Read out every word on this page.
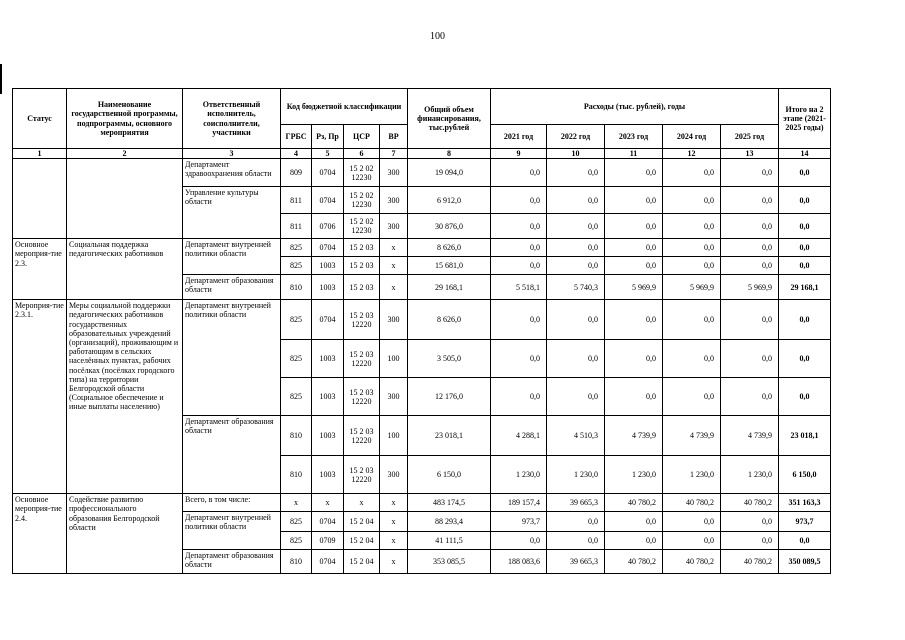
100
Статус	Наименование государственной программы, подпрограммы, основного мероприятия	Ответственный исполнитель, соисполнители, участники	Код бюджетной классификации				Общий объем финансирования, тыс.рублей	Расходы (тыс. рублей), годы					Итого на 2 этапе (2021-2025 годы)
			ГРБС	Рз, Пр	ЦСР	ВР		2021 год	2022 год	2023 год	2024 год	2025 год	
1	2	3	4	5	6	7	8	9	10	11	12	13	14
		Департамент здравоохранения области	809	0704	15 2 02 12230	300	19 094,0	0,0	0,0	0,0	0,0	0,0	0,0
		Управление культуры области	811	0704	15 2 02 12230	300	6 912,0	0,0	0,0	0,0	0,0	0,0	0,0
			811	0706	15 2 02 12230	300	30 876,0	0,0	0,0	0,0	0,0	0,0	0,0
Основное мероприя-тие 2.3.	Социальная поддержка педагогических работников	Департамент внутренней политики области	825	0704	15 2 03	х	8 626,0	0,0	0,0	0,0	0,0	0,0	0,0
			825	1003	15 2 03	х	15 681,0	0,0	0,0	0,0	0,0	0,0	0,0
		Департамент образования области	810	1003	15 2 03	х	29 168,1	5 518,1	5 740,3	5 969,9	5 969,9	5 969,9	29 168,1
Мероприя-тие 2.3.1.	Меры социальной поддержки педагогических работников государственных образовательных учреждений (организаций), проживающим и работающим в сельских населённых пунктах, рабочих посёлках (посёлках городского типа) на территории Белгородской области (Социальное обеспечение и иные выплаты населению)	Департамент внутренней политики области	825	0704	15 2 03 12220	300	8 626,0	0,0	0,0	0,0	0,0	0,0	0,0
			825	1003	15 2 03 12220	100	3 505,0	0,0	0,0	0,0	0,0	0,0	0,0
			825	1003	15 2 03 12220	300	12 176,0	0,0	0,0	0,0	0,0	0,0	0,0
		Департамент образования области	810	1003	15 2 03 12220	100	23 018,1	4 288,1	4 510,3	4 739,9	4 739,9	4 739,9	23 018,1
			810	1003	15 2 03 12220	300	6 150,0	1 230,0	1 230,0	1 230,0	1 230,0	1 230,0	6 150,0
Основное мероприя-тие 2.4.	Содействие развитию профессионального образования Белгородской области	Всего, в том числе:	х	х	х	х	483 174,5	189 157,4	39 665,3	40 780,2	40 780,2	40 780,2	351 163,3
		Департамент внутренней политики области	825	0704	15 2 04	х	88 293,4	973,7	0,0	0,0	0,0	0,0	973,7
			825	0709	15 2 04	х	41 111,5	0,0	0,0	0,0	0,0	0,0	0,0
		Департамент образования области	810	0704	15 2 04	х	353 085,5	188 083,6	39 665,3	40 780,2	40 780,2	40 780,2	350 089,5
